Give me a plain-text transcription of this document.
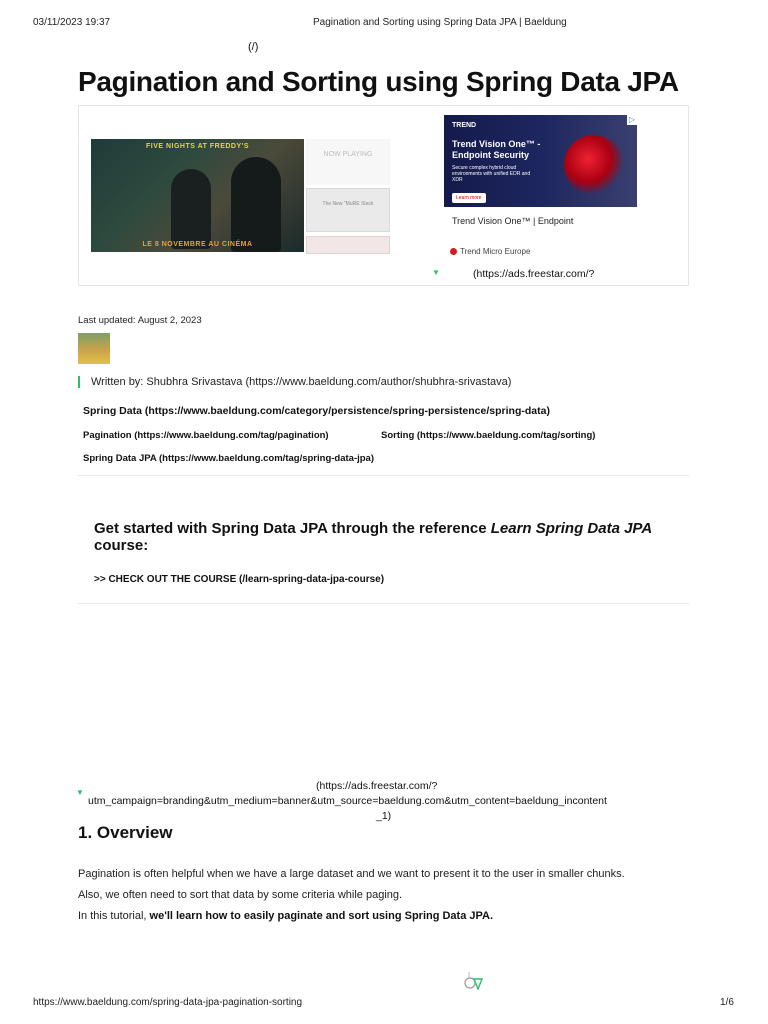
03/11/2023 19:37	Pagination and Sorting using Spring Data JPA | Baeldung
(/)
Pagination and Sorting using Spring Data JPA
FIVE NIGHTS AT FREDDY'S
LE 8 NOVEMBRE AU CINÉMA
NOW PLAYING
The New "MuRE Stack
TREND
Trend Vision One™ - Endpoint Security
Secure complex hybrid cloud environments with unified EDR and XDR
Learn more
▷
Trend Vision One™ | Endpoint
Trend Micro Europe
▼	(https://ads.freestar.com/?
Last updated: August 2, 2023
Written by: Shubhra Srivastava (https://www.baeldung.com/author/shubhra-srivastava)
Spring Data (https://www.baeldung.com/category/persistence/spring-persistence/spring-data)
Pagination (https://www.baeldung.com/tag/pagination)	Sorting (https://www.baeldung.com/tag/sorting)
Spring Data JPA (https://www.baeldung.com/tag/spring-data-jpa)
Get started with Spring Data JPA through the reference Learn Spring Data JPA
course:
>> CHECK OUT THE COURSE (/learn-spring-data-jpa-course)
(https://ads.freestar.com/?
▼
utm_campaign=branding&utm_medium=banner&utm_source=baeldung.com&utm_content=baeldung_incontent
_1)
1. Overview

Pagination is often helpful when we have a large dataset and we want to present it to the user in smaller chunks.

Also, we often need to sort that data by some criteria while paging.

In this tutorial, we'll learn how to easily paginate and sort using Spring Data JPA.

https://www.baeldung.com/spring-data-jpa-pagination-sorting	1/6
